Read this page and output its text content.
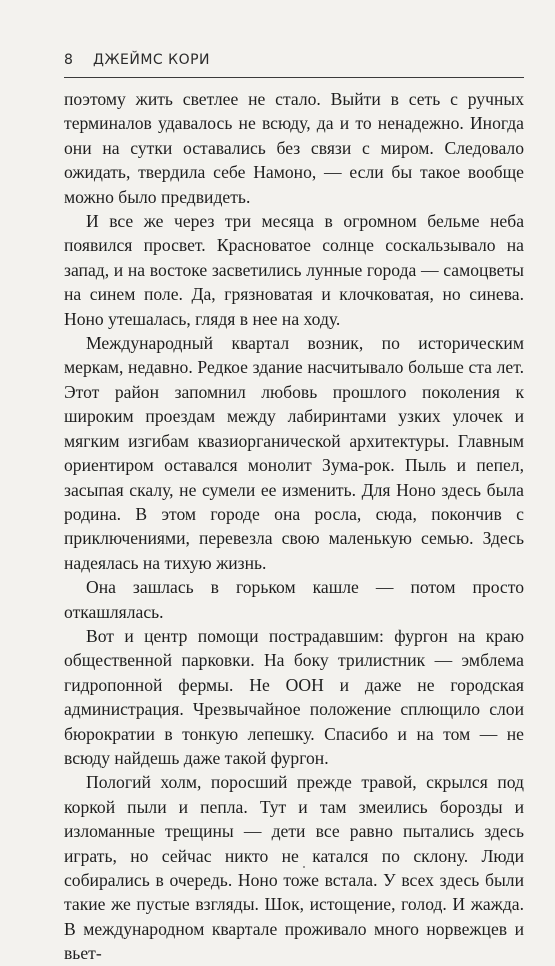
8 ДЖЕЙМС КОРИ

поэтому жить светлее не стало. Выйти в сеть с ручных терминалов удавалось не всюду, да и то ненадежно. Иногда они на сутки оставались без связи с миром. Следовало ожидать, твердила себе Намоно, — если бы такое вообще можно было предвидеть.

И все же через три месяца в огромном бельме неба появился просвет. Красноватое солнце соскальзывало на запад, и на востоке засветились лунные города — самоцветы на синем поле. Да, грязноватая и клочковатая, но синева. Ноно утешалась, глядя в нее на ходу.

Международный квартал возник, по историческим меркам, недавно. Редкое здание насчитывало больше ста лет. Этот район запомнил любовь прошлого поколения к широким проездам между лабиринтами узких улочек и мягким изгибам квазиорганической архитектуры. Главным ориентиром оставался монолит Зума-рок. Пыль и пепел, засыпая скалу, не сумели ее изменить. Для Ноно здесь была родина. В этом городе она росла, сюда, покончив с приключениями, перевезла свою маленькую семью. Здесь надеялась на тихую жизнь.

Она зашлась в горьком кашле — потом просто откашлялась.

Вот и центр помощи пострадавшим: фургон на краю общественной парковки. На боку трилистник — эмблема гидропонной фермы. Не ООН и даже не городская администрация. Чрезвычайное положение сплющило слои бюрократии в тонкую лепешку. Спасибо и на том — не всюду найдешь даже такой фургон.

Пологий холм, поросший прежде травой, скрылся под коркой пыли и пепла. Тут и там змеились борозды и изломанные трещины — дети все равно пытались здесь играть, но сейчас никто не катался по склону. Люди собирались в очередь. Ноно тоже встала. У всех здесь были такие же пустые взгляды. Шок, истощение, голод. И жажда. В международном квартале проживало много норвежцев и вьет-
